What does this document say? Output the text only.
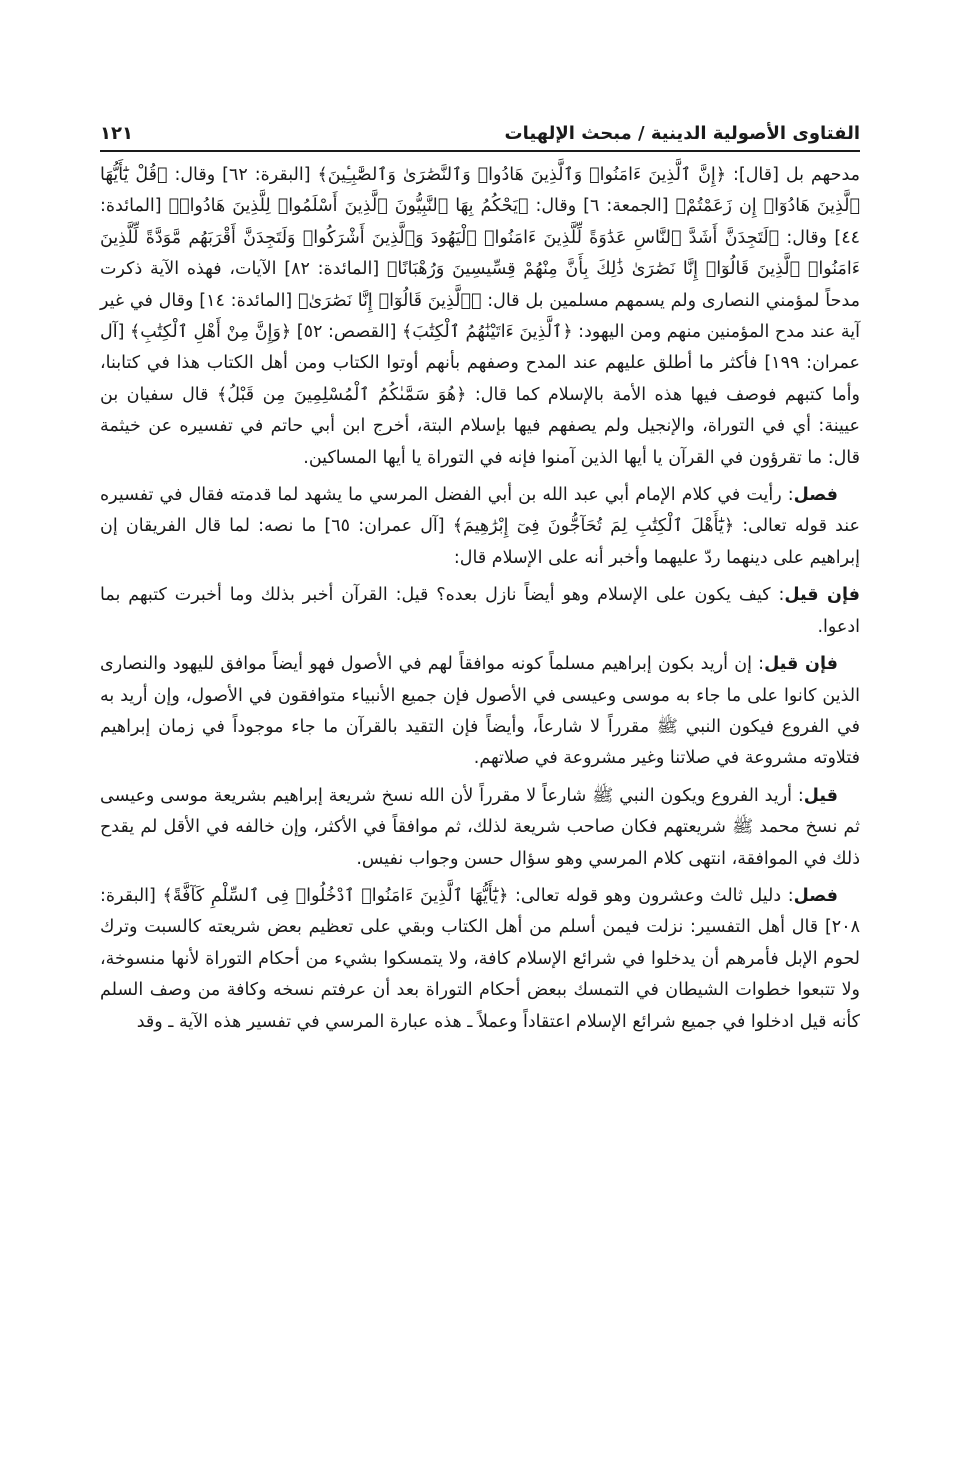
الفتاوى الأصولية الدينية / مبحث الإلهيات
١٢١

مدحهم بل [قال]: ﴿إِنَّ ٱلَّذِينَ ءَامَنُوا۟ وَٱلَّذِينَ هَادُوا۟ وَٱلنَّصَٰرَىٰ وَٱلصَّٰبِـِٔينَ﴾ [البقرة: ٦٢] وقال: ﴿قُلْ يَٰٓأَيُّهَا ٱلَّذِينَ هَادُوٓا۟ إِن زَعَمْتُمْ﴾ [الجمعة: ٦] وقال: ﴿يَحْكُمُ بِهَا ٱلنَّبِيُّونَ ٱلَّذِينَ أَسْلَمُوا۟ لِلَّذِينَ هَادُوا۟﴾ [المائدة: ٤٤] وقال: ﴿لَتَجِدَنَّ أَشَدَّ ٱلنَّاسِ عَدَٰوَةً لِّلَّذِينَ ءَامَنُوا۟ ٱلْيَهُودَ وَٱلَّذِينَ أَشْرَكُوا۟ وَلَتَجِدَنَّ أَقْرَبَهُم مَّوَدَّةً لِّلَّذِينَ ءَامَنُوا۟ ٱلَّذِينَ قَالُوٓا۟ إِنَّا نَصَٰرَىٰ ذَٰلِكَ بِأَنَّ مِنْهُمْ قِسِّيسِينَ وَرُهْبَانًا﴾ [المائدة: ٨٢] الآيات، فهذه الآية ذكرت مدحاً لمؤمني النصارى ولم يسمهم مسلمين بل قال: ﴿ٱلَّذِينَ قَالُوٓا۟ إِنَّا نَصَٰرَىٰ﴾ [المائدة: ١٤] وقال في غير آية عند مدح المؤمنين منهم ومن اليهود: ﴿ٱلَّذِينَ ءَاتَيْنَٰهُمُ ٱلْكِتَٰبَ﴾ [القصص: ٥٢] ﴿وَإِنَّ مِنْ أَهْلِ ٱلْكِتَٰبِ﴾ [آل عمران: ١٩٩] فأكثر ما أطلق عليهم عند المدح وصفهم بأنهم أوتوا الكتاب ومن أهل الكتاب هذا في كتابنا، وأما كتبهم فوصف فيها هذه الأمة بالإسلام كما قال: ﴿هُوَ سَمَّىٰكُمُ ٱلْمُسْلِمِينَ مِن قَبْلُ﴾ قال سفيان بن عيينة: أي في التوراة، والإنجيل ولم يصفهم فيها بإسلام البتة، أخرج ابن أبي حاتم في تفسيره عن خيثمة قال: ما تقرؤون في القرآن يا أيها الذين آمنوا فإنه في التوراة يا أيها المساكين.

فصل: رأيت في كلام الإمام أبي عبد الله بن أبي الفضل المرسي ما يشهد لما قدمته فقال في تفسيره عند قوله تعالى: ﴿يَٰٓأَهْلَ ٱلْكِتَٰبِ لِمَ تُحَآجُّونَ فِىٓ إِبْرَٰهِيمَ﴾ [آل عمران: ٦٥] ما نصه: لما قال الفريقان إن إبراهيم على دينهما ردّ عليهما وأخبر أنه على الإسلام قال:

فإن قيل: كيف يكون على الإسلام وهو أيضاً نازل بعده؟ قيل: القرآن أخبر بذلك وما أخبرت كتبهم بما ادعوا.

فإن قيل: إن أريد بكون إبراهيم مسلماً كونه موافقاً لهم في الأصول فهو أيضاً موافق لليهود والنصارى الذين كانوا على ما جاء به موسى وعيسى في الأصول فإن جميع الأنبياء متوافقون في الأصول، وإن أريد به في الفروع فيكون النبي ﷺ مقرراً لا شارعاً، وأيضاً فإن التقيد بالقرآن ما جاء موجوداً في زمان إبراهيم فتلاوته مشروعة في صلاتنا وغير مشروعة في صلاتهم.

قيل: أريد الفروع ويكون النبي ﷺ شارعاً لا مقرراً لأن الله نسخ شريعة إبراهيم بشريعة موسى وعيسى ثم نسخ محمد ﷺ شريعتهم فكان صاحب شريعة لذلك، ثم موافقاً في الأكثر، وإن خالفه في الأقل لم يقدح ذلك في الموافقة، انتهى كلام المرسي وهو سؤال حسن وجواب نفيس.

فصل: دليل ثالث وعشرون وهو قوله تعالى: ﴿يَٰٓأَيُّهَا ٱلَّذِينَ ءَامَنُوا۟ ٱدْخُلُوا۟ فِى ٱلسِّلْمِ كَآفَّةً﴾ [البقرة: ٢٠٨] قال أهل التفسير: نزلت فيمن أسلم من أهل الكتاب وبقي على تعظيم بعض شريعته كالسبت وترك لحوم الإبل فأمرهم أن يدخلوا في شرائع الإسلام كافة، ولا يتمسكوا بشيء من أحكام التوراة لأنها منسوخة، ولا تتبعوا خطوات الشيطان في التمسك ببعض أحكام التوراة بعد أن عرفتم نسخه وكافة من وصف السلم كأنه قيل ادخلوا في جميع شرائع الإسلام اعتقاداً وعملاً ـ هذه عبارة المرسي في تفسير هذه الآية ـ وقد
